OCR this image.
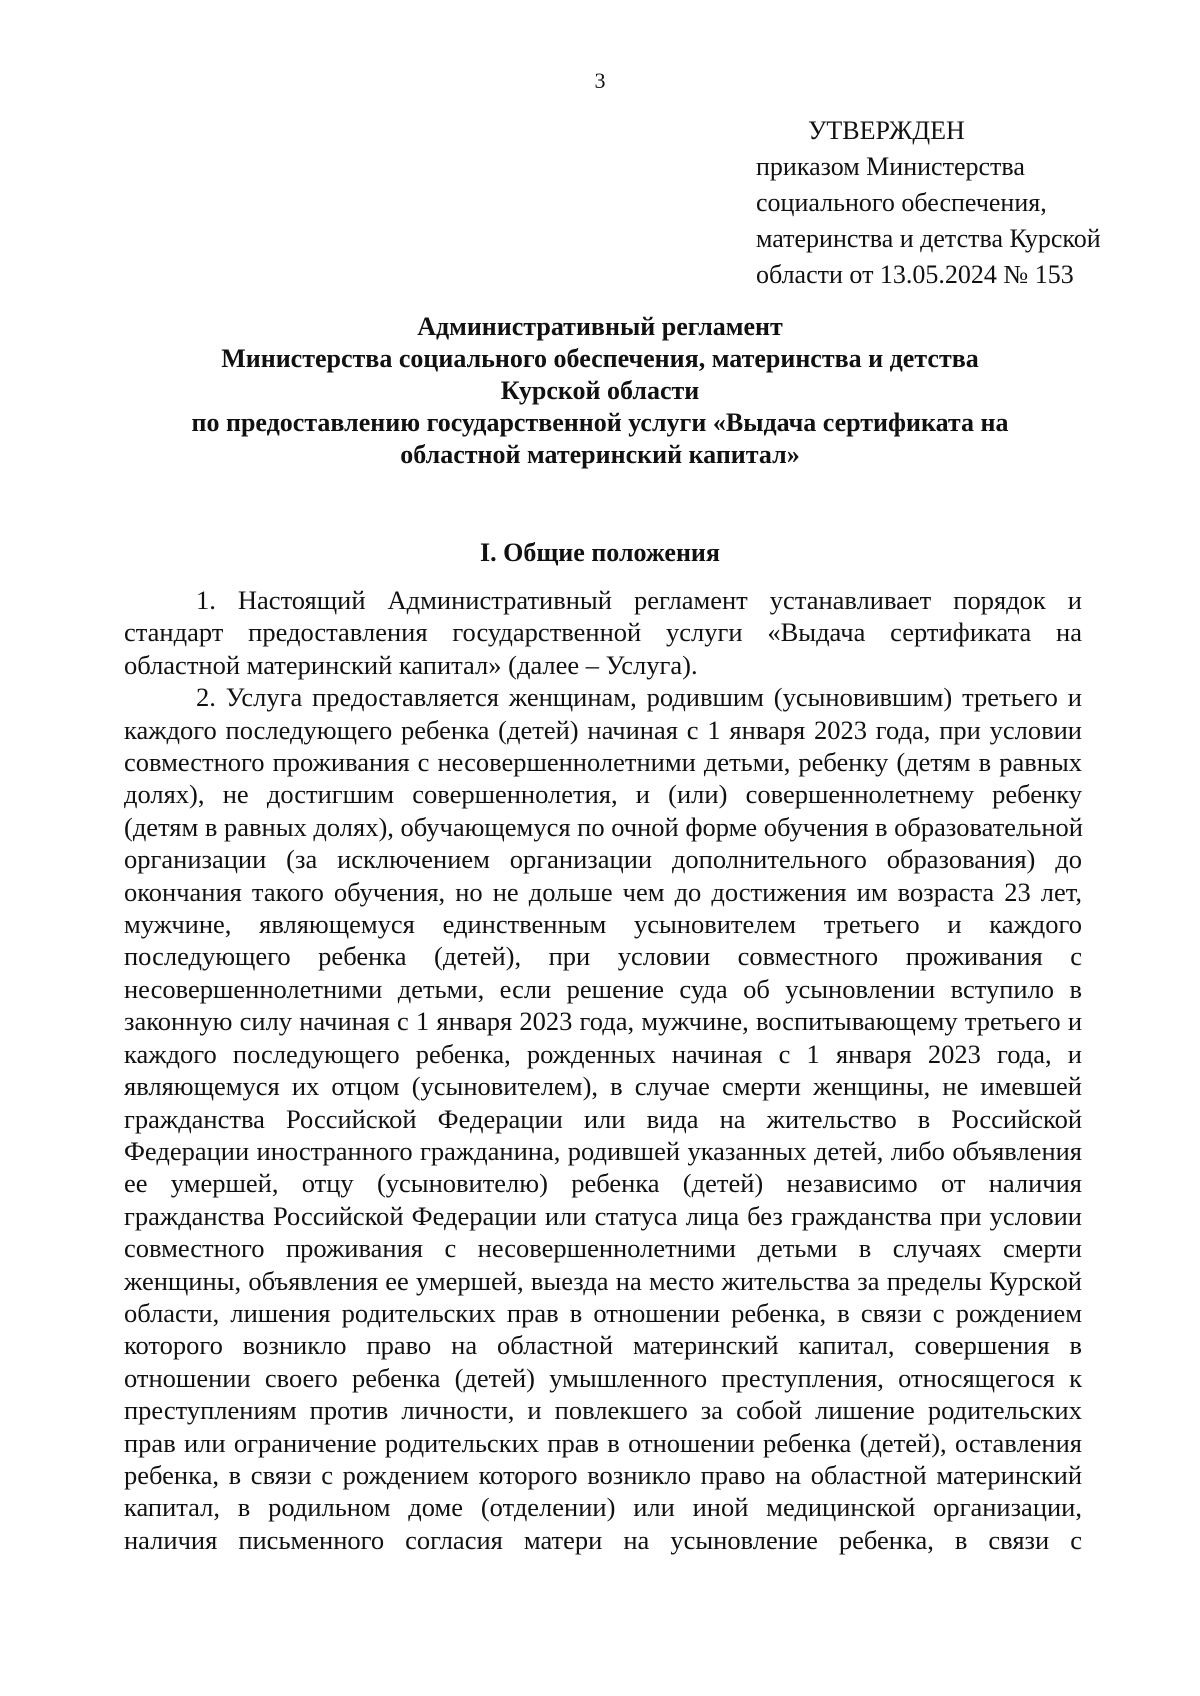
3
УТВЕРЖДЕН
приказом Министерства
социального обеспечения,
материнства и детства Курской
области от 13.05.2024 № 153
Административный регламент
Министерства социального обеспечения, материнства и детства
Курской области
по предоставлению государственной услуги «Выдача сертификата на
областной материнский капитал»
I. Общие положения
1. Настоящий Административный регламент устанавливает порядок и
стандарт предоставления государственной услуги «Выдача сертификата на
областной материнский капитал» (далее – Услуга).
2. Услуга предоставляется женщинам, родившим (усыновившим) третьего и
каждого последующего ребенка (детей) начиная с 1 января 2023 года, при условии
совместного проживания с несовершеннолетними детьми, ребенку (детям в равных
долях), не достигшим совершеннолетия, и (или) совершеннолетнему ребенку
(детям в равных долях), обучающемуся по очной форме обучения в образовательной
организации (за исключением организации дополнительного образования) до
окончания такого обучения, но не дольше чем до достижения им возраста 23 лет,
мужчине, являющемуся единственным усыновителем третьего и каждого
последующего ребенка (детей), при условии совместного проживания с
несовершеннолетними детьми, если решение суда об усыновлении вступило в
законную силу начиная с 1 января 2023 года, мужчине, воспитывающему третьего и
каждого последующего ребенка, рожденных начиная с 1 января 2023 года, и
являющемуся их отцом (усыновителем), в случае смерти женщины, не имевшей
гражданства Российской Федерации или вида на жительство в Российской
Федерации иностранного гражданина, родившей указанных детей, либо объявления
ее умершей, отцу (усыновителю) ребенка (детей) независимо от наличия
гражданства Российской Федерации или статуса лица без гражданства при условии
совместного проживания с несовершеннолетними детьми в случаях смерти
женщины, объявления ее умершей, выезда на место жительства за пределы Курской
области, лишения родительских прав в отношении ребенка, в связи с рождением
которого возникло право на областной материнский капитал, совершения в
отношении своего ребенка (детей) умышленного преступления, относящегося к
преступлениям против личности, и повлекшего за собой лишение родительских
прав или ограничение родительских прав в отношении ребенка (детей), оставления
ребенка, в связи с рождением которого возникло право на областной материнский
капитал, в родильном доме (отделении) или иной медицинской организации,
наличия письменного согласия матери на усыновление ребенка, в связи с
